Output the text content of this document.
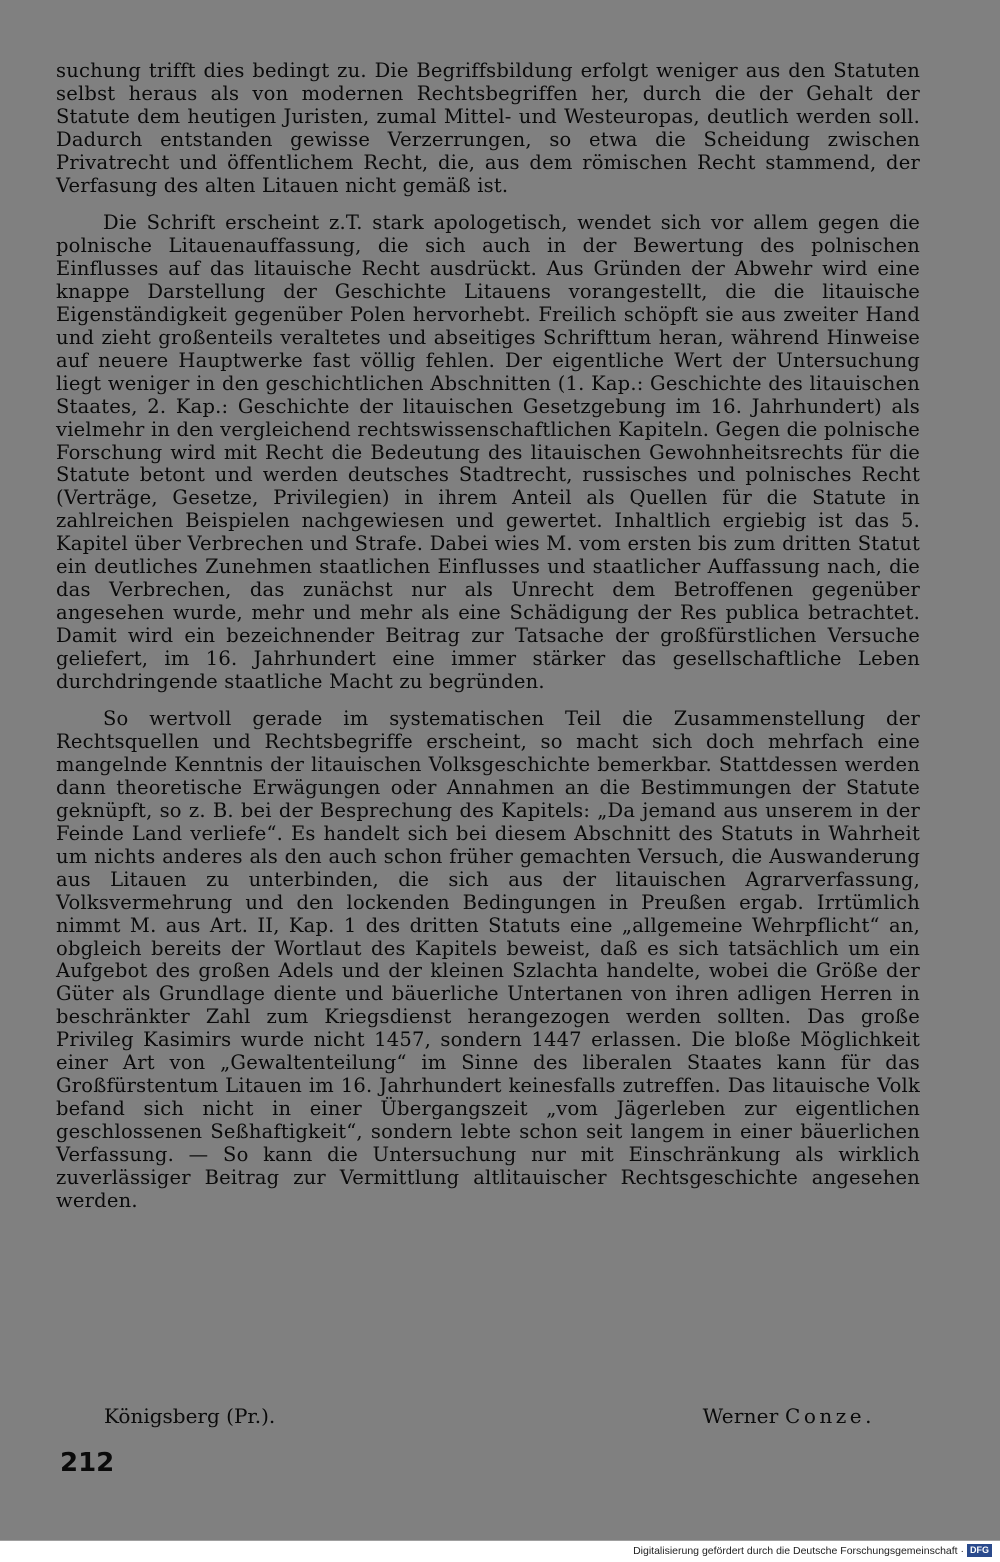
suchung trifft dies bedingt zu. Die Begriffsbildung erfolgt weniger aus den Statuten selbst heraus als von modernen Rechtsbegriffen her, durch die der Gehalt der Statute dem heutigen Juristen, zumal Mittel- und Westeuropas, deutlich werden soll. Dadurch entstanden gewisse Verzerrungen, so etwa die Scheidung zwischen Privatrecht und öffentlichem Recht, die, aus dem römischen Recht stammend, der Verfasung des alten Litauen nicht gemäß ist.

Die Schrift erscheint z.T. stark apologetisch, wendet sich vor allem gegen die polnische Litauenauffassung, die sich auch in der Bewertung des polnischen Einflusses auf das litauische Recht ausdrückt. Aus Gründen der Abwehr wird eine knappe Darstellung der Geschichte Litauens vorangestellt, die die litauische Eigenständigkeit gegenüber Polen hervorhebt. Freilich schöpft sie aus zweiter Hand und zieht großenteils veraltetes und abseitiges Schrifttum heran, während Hinweise auf neuere Hauptwerke fast völlig fehlen. Der eigentliche Wert der Untersuchung liegt weniger in den geschichtlichen Abschnitten (1. Kap.: Geschichte des litauischen Staates, 2. Kap.: Geschichte der litauischen Gesetzgebung im 16. Jahrhundert) als vielmehr in den vergleichend rechtswissenschaftlichen Kapiteln. Gegen die polnische Forschung wird mit Recht die Bedeutung des litauischen Gewohnheitsrechts für die Statute betont und werden deutsches Stadtrecht, russisches und polnisches Recht (Verträge, Gesetze, Privilegien) in ihrem Anteil als Quellen für die Statute in zahlreichen Beispielen nachgewiesen und gewertet. Inhaltlich ergiebig ist das 5. Kapitel über Verbrechen und Strafe. Dabei wies M. vom ersten bis zum dritten Statut ein deutliches Zunehmen staatlichen Einflusses und staatlicher Auffassung nach, die das Verbrechen, das zunächst nur als Unrecht dem Betroffenen gegenüber angesehen wurde, mehr und mehr als eine Schädigung der Res publica betrachtet. Damit wird ein bezeichnender Beitrag zur Tatsache der großfürstlichen Versuche geliefert, im 16. Jahrhundert eine immer stärker das gesellschaftliche Leben durchdringende staatliche Macht zu begründen.

So wertvoll gerade im systematischen Teil die Zusammenstellung der Rechtsquellen und Rechtsbegriffe erscheint, so macht sich doch mehrfach eine mangelnde Kenntnis der litauischen Volksgeschichte bemerkbar. Stattdessen werden dann theoretische Erwägungen oder Annahmen an die Bestimmungen der Statute geknüpft, so z. B. bei der Besprechung des Kapitels: „Da jemand aus unserem in der Feinde Land verliefe“. Es handelt sich bei diesem Abschnitt des Statuts in Wahrheit um nichts anderes als den auch schon früher gemachten Versuch, die Auswanderung aus Litauen zu unterbinden, die sich aus der litauischen Agrarverfassung, Volksvermehrung und den lockenden Bedingungen in Preußen ergab. Irrtümlich nimmt M. aus Art. II, Kap. 1 des dritten Statuts eine „allgemeine Wehrpflicht“ an, obgleich bereits der Wortlaut des Kapitels beweist, daß es sich tatsächlich um ein Aufgebot des großen Adels und der kleinen Szlachta handelte, wobei die Größe der Güter als Grundlage diente und bäuerliche Untertanen von ihren adligen Herren in beschränkter Zahl zum Kriegsdienst herangezogen werden sollten. Das große Privileg Kasimirs wurde nicht 1457, sondern 1447 erlassen. Die bloße Möglichkeit einer Art von „Gewaltenteilung“ im Sinne des liberalen Staates kann für das Großfürstentum Litauen im 16. Jahrhundert keinesfalls zutreffen. Das litauische Volk befand sich nicht in einer Übergangszeit „vom Jägerleben zur eigentlichen geschlossenen Seßhaftigkeit“, sondern lebte schon seit langem in einer bäuerlichen Verfassung. — So kann die Untersuchung nur mit Einschränkung als wirklich zuverlässiger Beitrag zur Vermittlung altlitauischer Rechtsgeschichte angesehen werden.

Königsberg (Pr.).	Werner Conze.
212
Digitalisierung gefördert durch die Deutsche Forschungsgemeinschaft · DFG
